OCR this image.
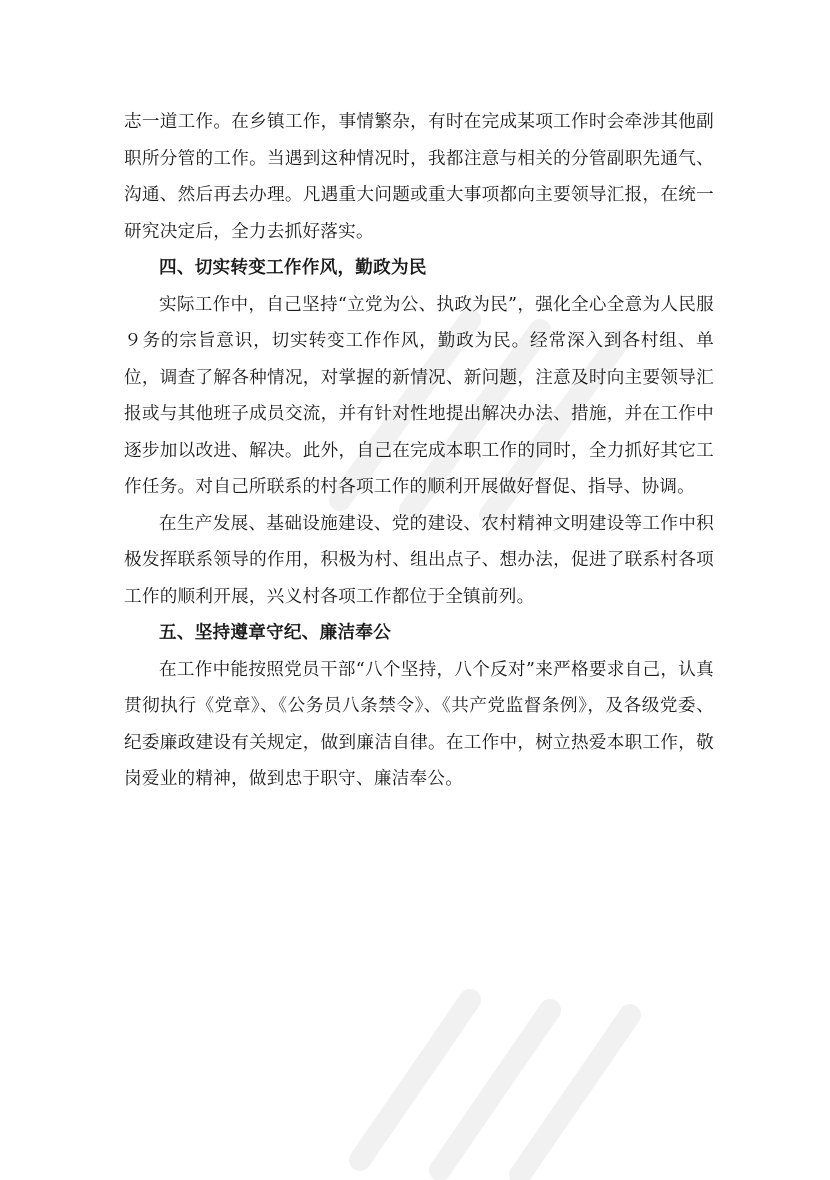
志一道工作。在乡镇工作，事情繁杂，有时在完成某项工作时会牵涉其他副职所分管的工作。当遇到这种情况时，我都注意与相关的分管副职先通气、沟通、然后再去办理。凡遇重大问题或重大事项都向主要领导汇报，在统一研究决定后，全力去抓好落实。

四、切实转变工作作风，勤政为民

实际工作中，自己坚持“立党为公、执政为民”，强化全心全意为人民服９务的宗旨意识，切实转变工作作风，勤政为民。经常深入到各村组、单位，调查了解各种情况，对掌握的新情况、新问题，注意及时向主要领导汇报或与其他班子成员交流，并有针对性地提出解决办法、措施，并在工作中逐步加以改进、解决。此外，自己在完成本职工作的同时，全力抓好其它工作任务。对自己所联系的村各项工作的顺利开展做好督促、指导、协调。

在生产发展、基础设施建设、党的建设、农村精神文明建设等工作中积极发挥联系领导的作用，积极为村、组出点子、想办法，促进了联系村各项工作的顺利开展，兴义村各项工作都位于全镇前列。

五、坚持遵章守纪、廉洁奉公

在工作中能按照党员干部“八个坚持，八个反对”来严格要求自己，认真贯彻执行《党章》、《公务员八条禁令》、《共产党监督条例》，及各级党委、纪委廉政建设有关规定，做到廉洁自律。在工作中，树立热爱本职工作，敬岗爱业的精神，做到忠于职守、廉洁奉公。
